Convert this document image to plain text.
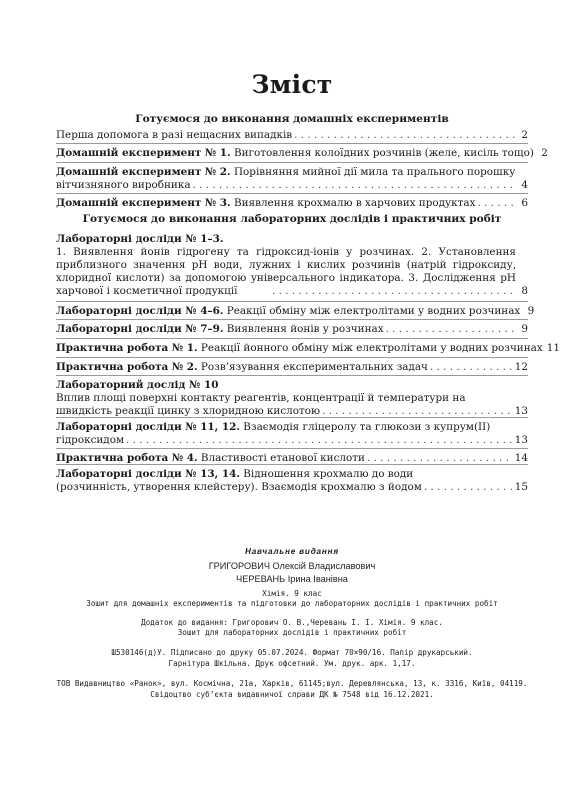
Зміст
Готуємося до виконання домашніх експериментів
Перша допомога в разі нещасних випадків . . .	2
Домашній експеримент № 1. Виготовлення колоїдних розчинів (желе, кисіль тощо) 2
Домашній експеримент № 2. Порівняння мийної дії мила та пральногo порошку
вітчизняного виробника . . .	4
Домашній експеримент № 3. Виявлення крохмалю в харчових продуктах . . .	6
Готуємося до виконання лабораторних дослідів і практичних робіт
Лабораторні досліди № 1–3.
1. Виявлення йонів гідрогену та гідроксид-іонів у розчинах. 2. Установлення приблизного значення pH води, лужних і кислих розчинів (натрій гідроксиду, хлоридної кислоти) за допомогою універсального індикатора. 3. Дослідження pH харчової і косметичної продукції . . .	8
Лабораторні досліди № 4–6. Реакції обміну між електролітами у водних розчинах 9
Лабораторні досліди № 7–9. Виявлення йонів у розчинах . . .	9
Практична робота № 1. Реакції йонного обміну між електролітами у водних розчинах 11
Практична робота № 2. Розв’язування експериментальних задач . . .	12
Лабораторний дослід № 10
Вплив площі поверхні контакту реагентів, концентрації й температури на
швидкість реакції цинку з хлоридною кислотою . . .	13
Лабораторні досліди № 11, 12. Взаємодія гліцеролу та глюкози з купрум(II)
гідроксидом . . .	13
Практична робота № 4. Властивості етанової кислоти . . .	14
Лабораторні досліди № 13, 14. Відношення крохмалю до води
(розчинність, утворення клейстеру). Взаємодія крохмалю з йодом . . .	15
Навчальне видання
ГРИГОРОВИЧ Олексій Владиславович
ЧЕРЕВАНЬ Ірина Іванівна
Хімія. 9 клас
Зошит для домашніх експериментів та підготовки до лабораторних дослідів і практичних робіт
Додаток до видання: Григорович О. В.,Черевань І. І. Хімія. 9 клас.
Зошит для лабораторних дослідів і практичних робіт
Ш530146(д)У. Підписано до друку 05.07.2024. Формат 70×90/16. Папір друкарський.
Гарнітура Шкільна. Друк офсетний. Ум. друк. арк. 1,17.
ТОВ Видавництво «Ранок», вул. Космічна, 21а, Харків, 61145;вул. Деревлянська, 13, к. 3316, Київ, 04119.
Свідоцтво суб’єкта видавничої справи ДК № 7548 від 16.12.2021.
